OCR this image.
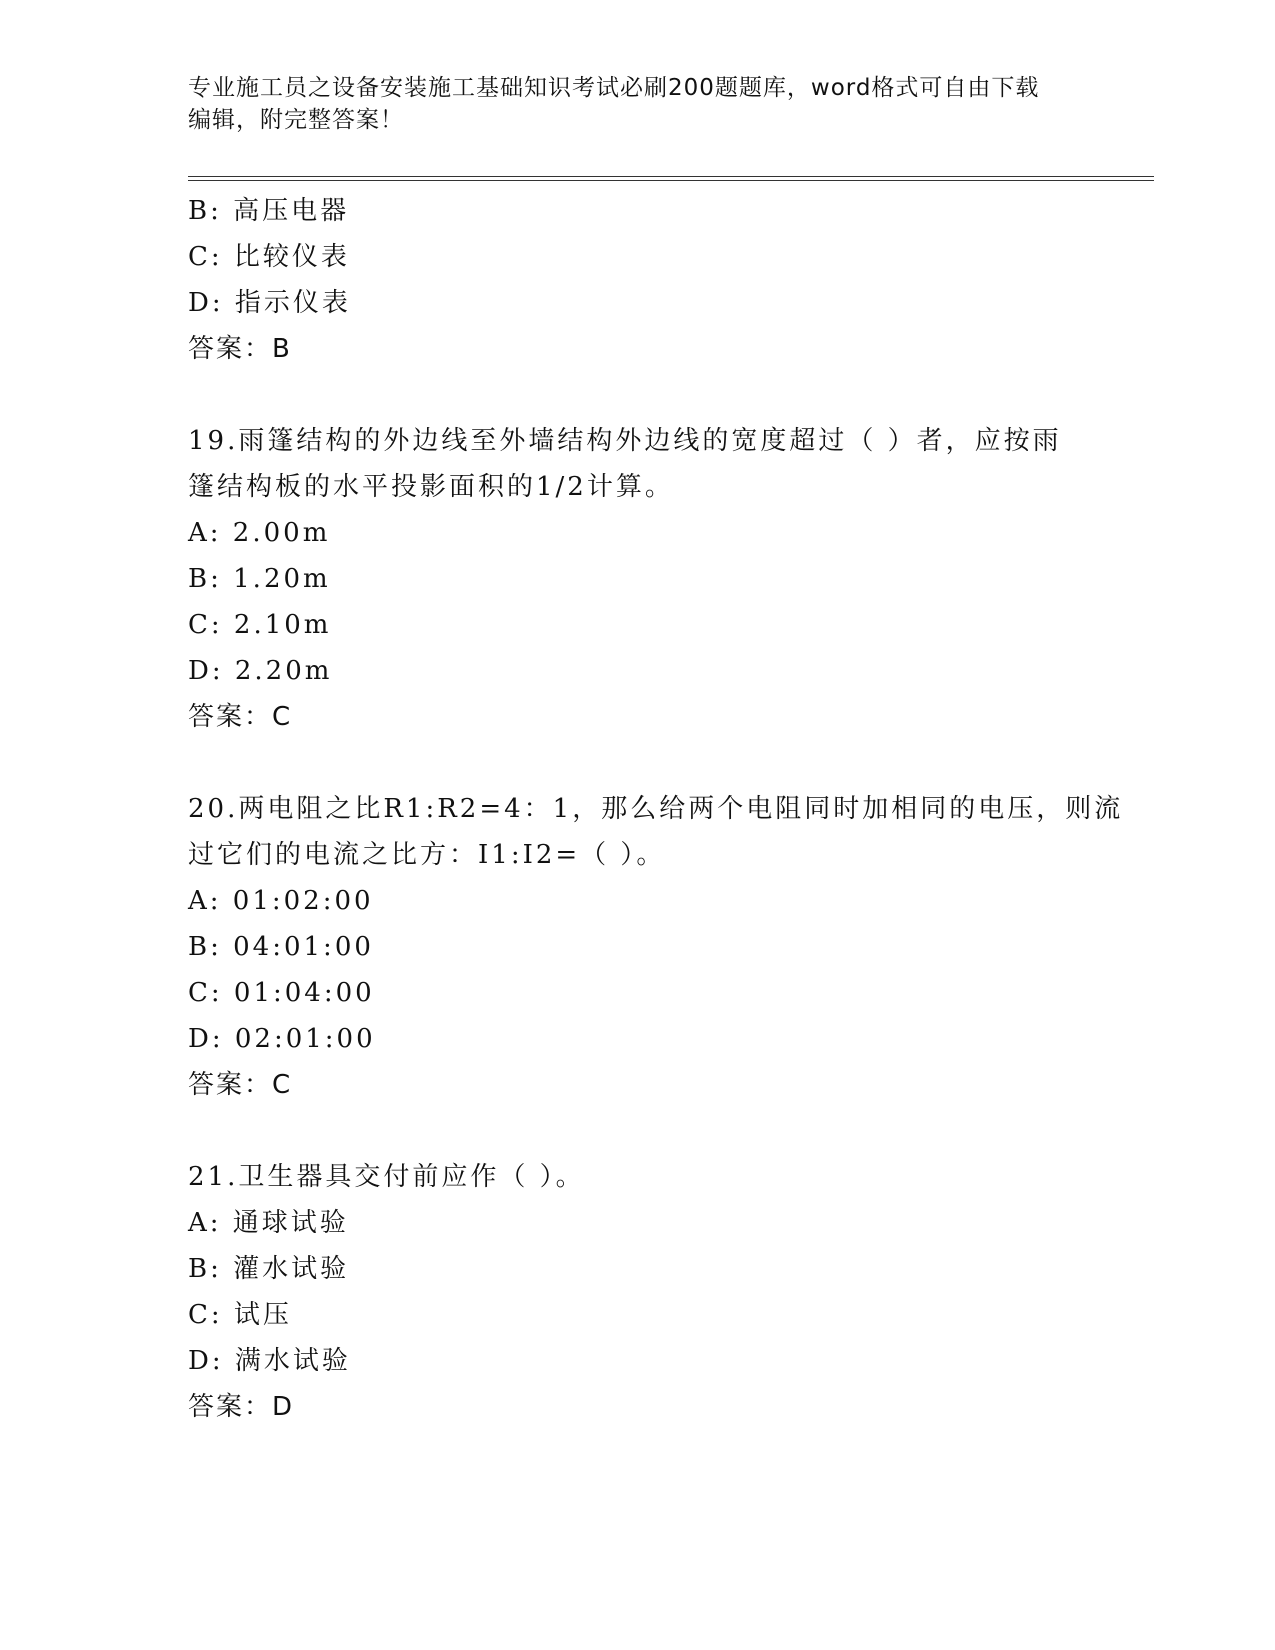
专业施工员之设备安装施工基础知识考试必刷200题题库，word格式可自由下载
编辑，附完整答案！
B: 高压电器
C: 比较仪表
D: 指示仪表
答案：B
19.雨篷结构的外边线至外墙结构外边线的宽度超过（ ）者，应按雨
篷结构板的水平投影面积的1/2计算。
A: 2.00m
B: 1.20m
C: 2.10m
D: 2.20m
答案：C
20.两电阻之比R1:R2=4：1，那么给两个电阻同时加相同的电压，则流
过它们的电流之比方：I1:I2=（ ）。
A: 01:02:00
B: 04:01:00
C: 01:04:00
D: 02:01:00
答案：C
21.卫生器具交付前应作（ ）。
A: 通球试验
B: 灌水试验
C: 试压
D: 满水试验
答案：D
